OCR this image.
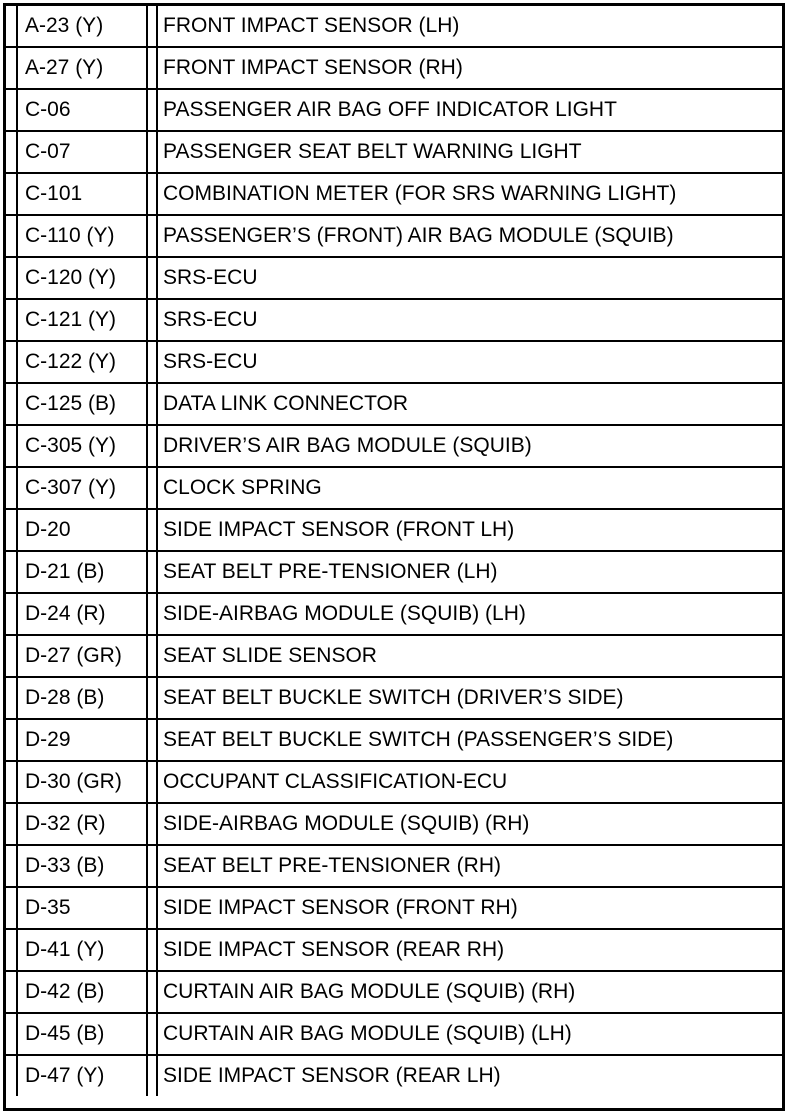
	A-23 (Y)		FRONT IMPACT SENSOR (LH)
	A-27 (Y)		FRONT IMPACT SENSOR (RH)
	C-06		PASSENGER AIR BAG OFF INDICATOR LIGHT
	C-07		PASSENGER SEAT BELT WARNING LIGHT
	C-101		COMBINATION METER (FOR SRS WARNING LIGHT)
	C-110 (Y)		PASSENGER’S (FRONT) AIR BAG MODULE (SQUIB)
	C-120 (Y)		SRS-ECU
	C-121 (Y)		SRS-ECU
	C-122 (Y)		SRS-ECU
	C-125 (B)		DATA LINK CONNECTOR
	C-305 (Y)		DRIVER’S AIR BAG MODULE (SQUIB)
	C-307 (Y)		CLOCK SPRING
	D-20		SIDE IMPACT SENSOR (FRONT LH)
	D-21 (B)		SEAT BELT PRE-TENSIONER (LH)
	D-24 (R)		SIDE-AIRBAG MODULE (SQUIB) (LH)
	D-27 (GR)		SEAT SLIDE SENSOR
	D-28 (B)		SEAT BELT BUCKLE SWITCH (DRIVER’S SIDE)
	D-29		SEAT BELT BUCKLE SWITCH (PASSENGER’S SIDE)
	D-30 (GR)		OCCUPANT CLASSIFICATION-ECU
	D-32 (R)		SIDE-AIRBAG MODULE (SQUIB) (RH)
	D-33 (B)		SEAT BELT PRE-TENSIONER (RH)
	D-35		SIDE IMPACT SENSOR (FRONT RH)
	D-41 (Y)		SIDE IMPACT SENSOR (REAR RH)
	D-42 (B)		CURTAIN AIR BAG MODULE (SQUIB) (RH)
	D-45 (B)		CURTAIN AIR BAG MODULE (SQUIB) (LH)
	D-47 (Y)		SIDE IMPACT SENSOR (REAR LH)
